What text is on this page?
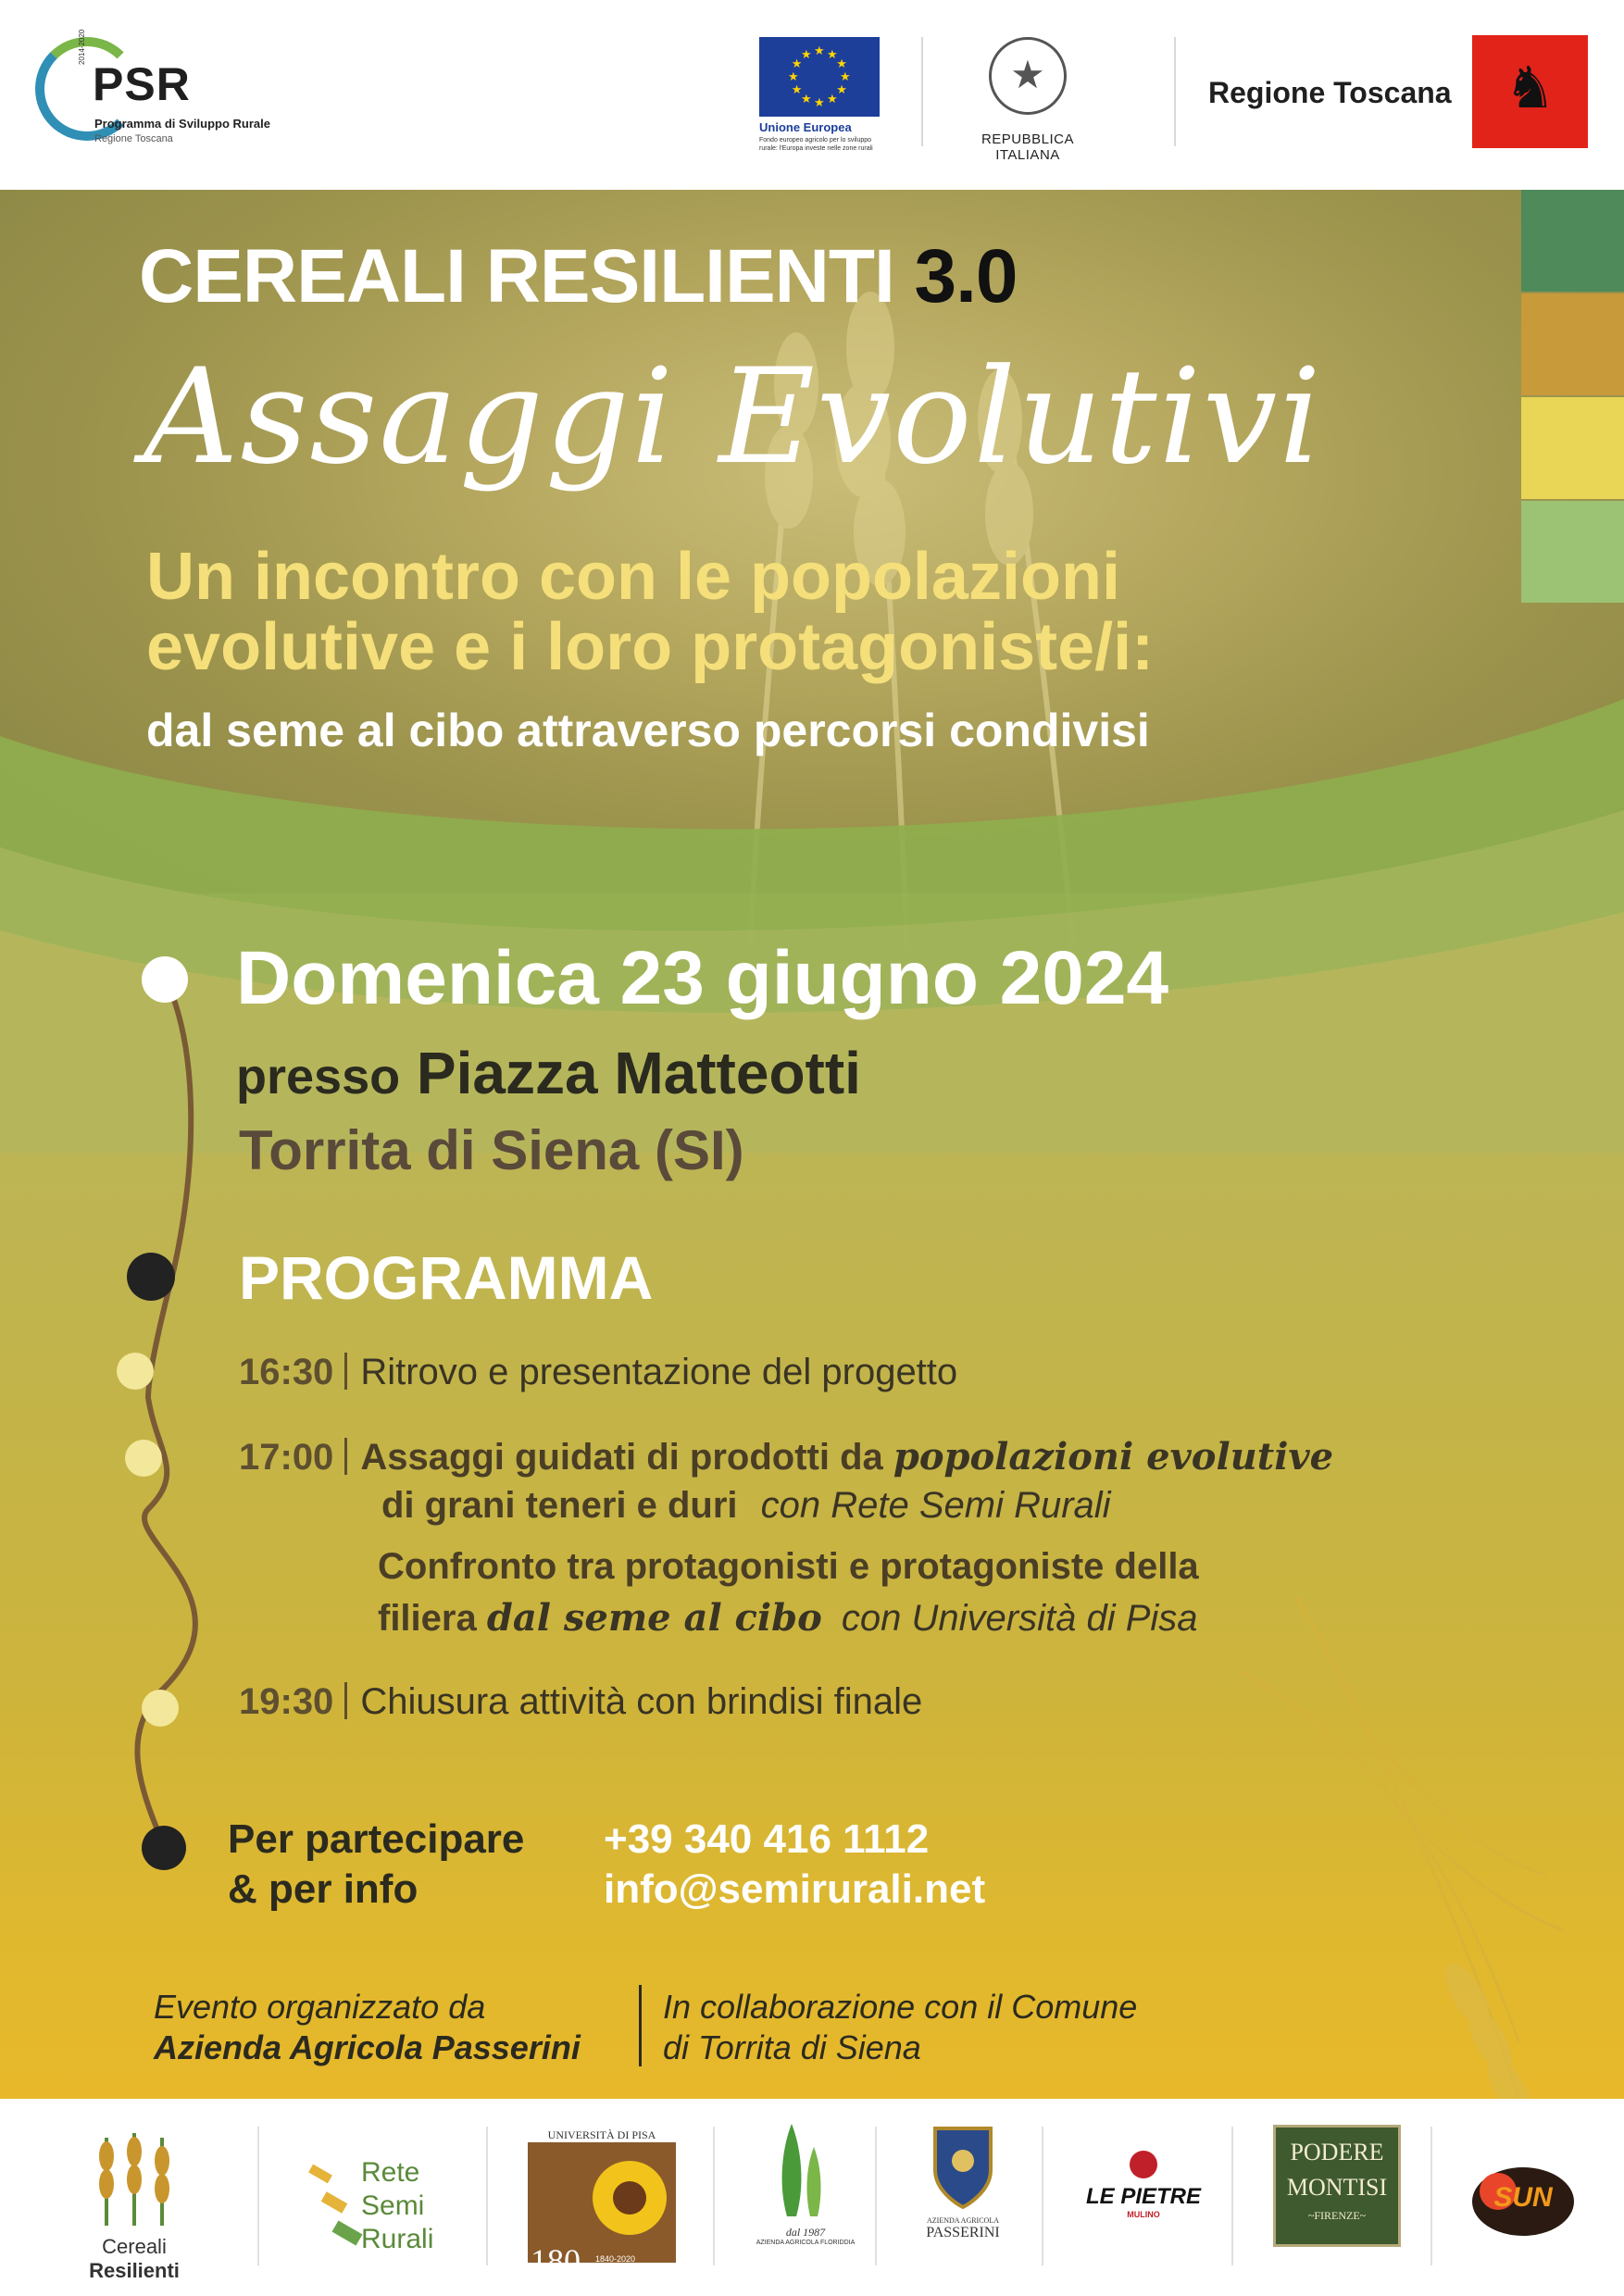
2014-2020
PSR
Programma di Sviluppo Rurale
Regione Toscana
★
★
★
★
★
★
★
★
★ ★ ★
★
Unione Europea
Fondo europeo agricolo per lo sviluppo rurale: l'Europa investe nelle zone rurali
★
REPUBBLICA ITALIANA
Regione Toscana ♞
CEREALI RESILIENTI 3.0
Assaggi Evolutivi
Un incontro con le popolazioni
evolutive e i loro protagoniste/i:
dal seme al cibo attraverso percorsi condivisi
Domenica 23 giugno 2024
presso Piazza Matteotti
Torrita di Siena (SI)
PROGRAMMA
16:30 Ritrovo e presentazione del progetto
17:00 Assaggi guidati di prodotti da popolazioni evolutive
di grani teneri e duri con Rete Semi Rurali
Confronto tra protagonisti e protagoniste della
filiera dal seme al cibo con Università di Pisa
19:30 Chiusura attività con brindisi finale
Per partecipare
& per info
+39 340 416 1112
info@semirurali.net
Evento organizzato da
Azienda Agricola Passerini
In collaborazione con il Comune
di Torrita di Siena
Cereali Resilienti
Rete
Semi
Rurali
UNIVERSITÀ DI PISA
180 1840-2020
dal 1987
AZIENDA AGRICOLA FLORIDDIA
AZIENDA AGRICOLA
PASSERINI
LE PIETRE
MULINO
PODERE
MONTISI
~FIRENZE~
SUN
